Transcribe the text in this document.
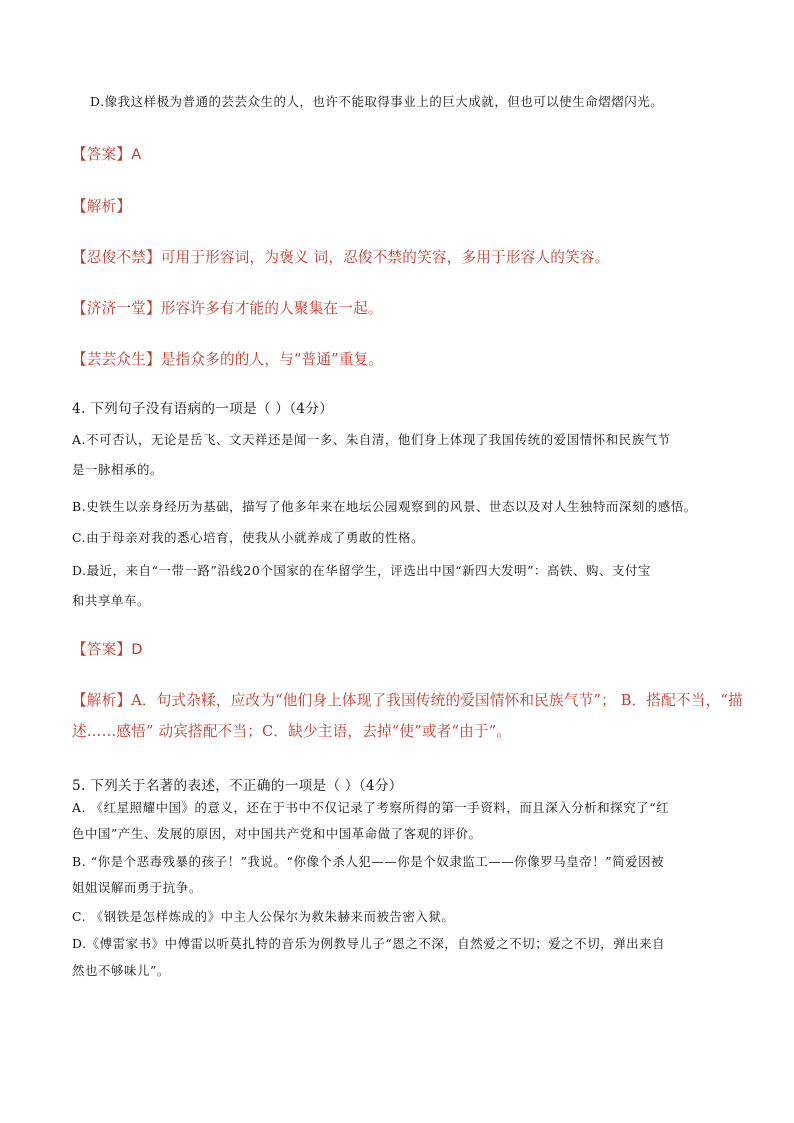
D.像我这样极为普通的芸芸众生的人，也许不能取得事业上的巨大成就，但也可以使生命熠熠闪光。
【答案】A
【解析】
【忍俊不禁】可用于形容词，为褒义 词，忍俊不禁的笑容，多用于形容人的笑容。
【济济一堂】形容许多有才能的人聚集在一起。
【芸芸众生】是指众多的的人，与“普通”重复。
4. 下列句子没有语病的一项是（ ）（4分）
A.不可否认，无论是岳飞、文天祥还是闻一多、朱自清，他们身上体现了我国传统的爱国情怀和民族气节
是一脉相承的。
B.史铁生以亲身经历为基础，描写了他多年来在地坛公园观察到的风景、世态以及对人生独特而深刻的感悟。
C.由于母亲对我的悉心培育，使我从小就养成了勇敢的性格。
D.最近，来自“一带一路”沿线20个国家的在华留学生，评选出中国“新四大发明”：高铁、购、支付宝
和共享单车。
【答案】D
【解析】A．句式杂糅，应改为“他们身上体现了我国传统的爱国情怀和民族气节”； B．搭配不当，“描
述……感悟” 动宾搭配不当；C．缺少主语，去掉“使”或者“由于”。
5. 下列关于名著的表述，不正确的一项是（ ）（4分）
A. 《红星照耀中国》的意义，还在于书中不仅记录了考察所得的第一手资料，而且深入分析和探究了“红
色中国”产生、发展的原因，对中国共产党和中国革命做了客观的评价。
B. “你是个恶毒残暴的孩子！”我说。“你像个杀人犯——你是个奴隶监工——你像罗马皇帝！”简爱因被
姐姐误解而勇于抗争。
C. 《钢铁是怎样炼成的》中主人公保尔为救朱赫来而被告密入狱。
D.《傅雷家书》中傅雷以听莫扎特的音乐为例教导儿子“恩之不深，自然爱之不切；爱之不切，弹出来自
然也不够味儿”。
